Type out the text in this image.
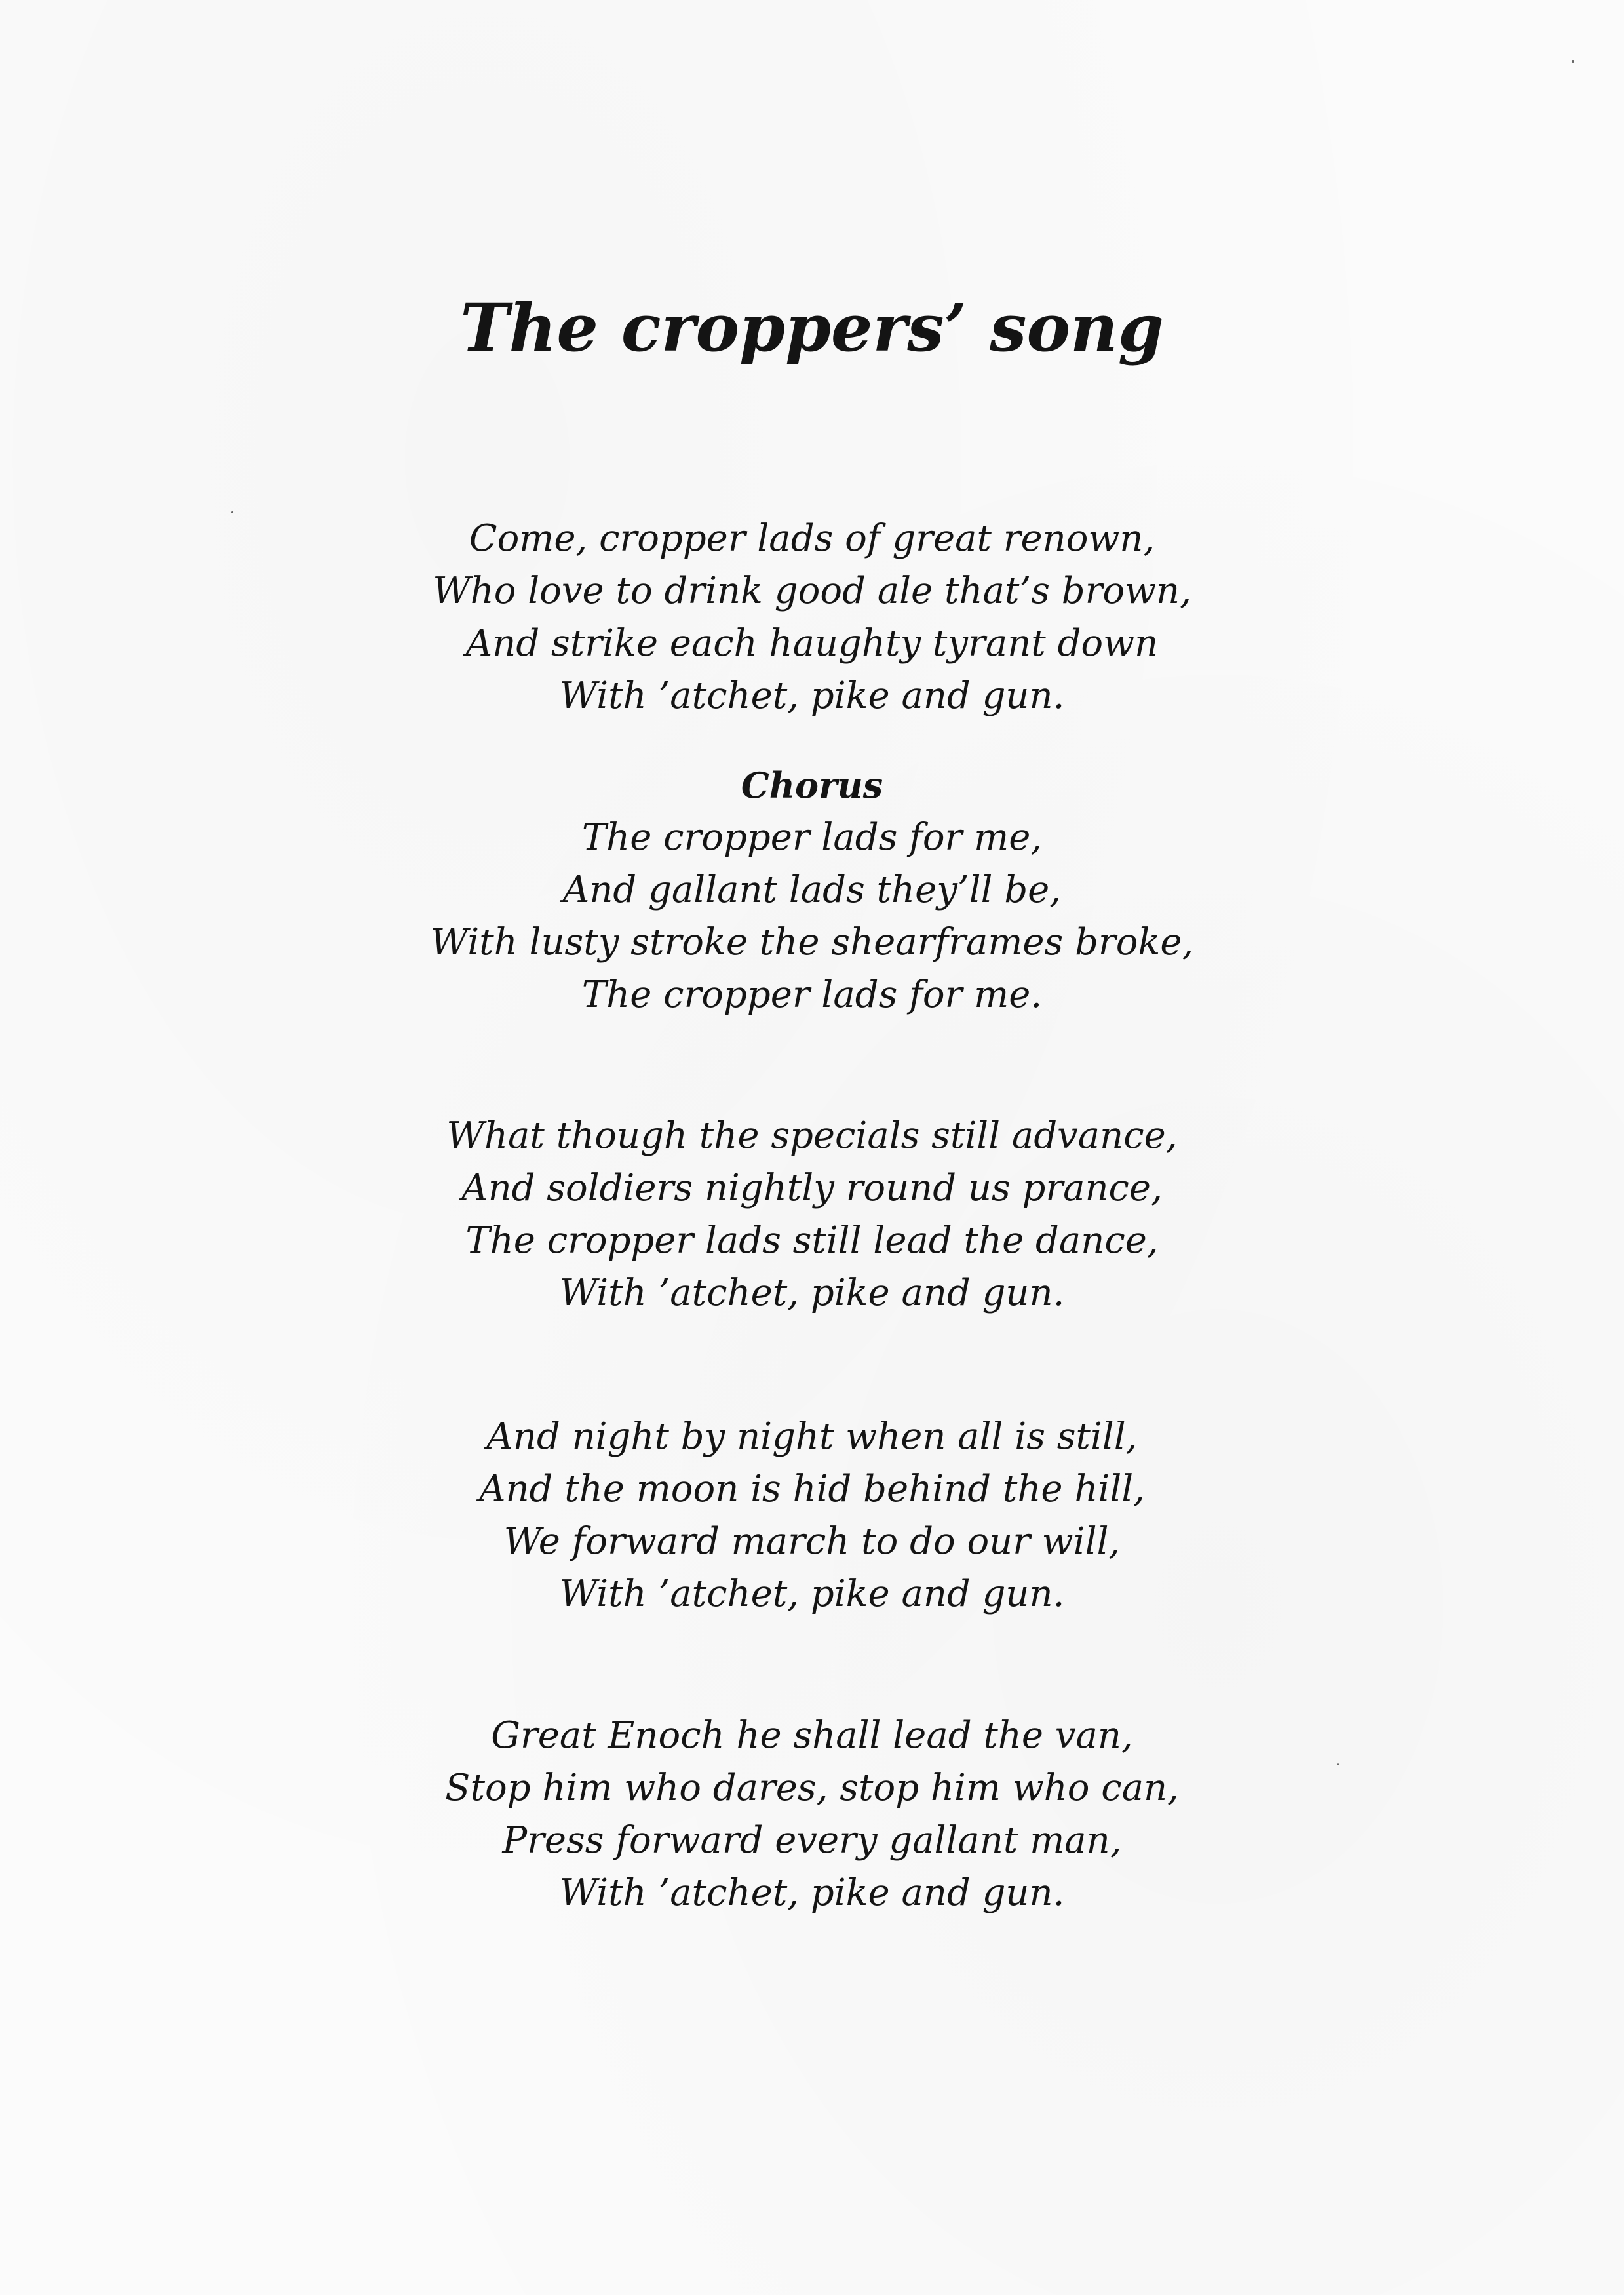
The croppers’ song
Come, cropper lads of great renown,
Who love to drink good ale that’s brown,
And strike each haughty tyrant down
With ’atchet, pike and gun.
Chorus
The cropper lads for me,
And gallant lads they’ll be,
With lusty stroke the shearframes broke,
The cropper lads for me.
What though the specials still advance,
And soldiers nightly round us prance,
The cropper lads still lead the dance,
With ’atchet, pike and gun.
And night by night when all is still,
And the moon is hid behind the hill,
We forward march to do our will,
With ’atchet, pike and gun.
Great Enoch he shall lead the van,
Stop him who dares, stop him who can,
Press forward every gallant man,
With ’atchet, pike and gun.
